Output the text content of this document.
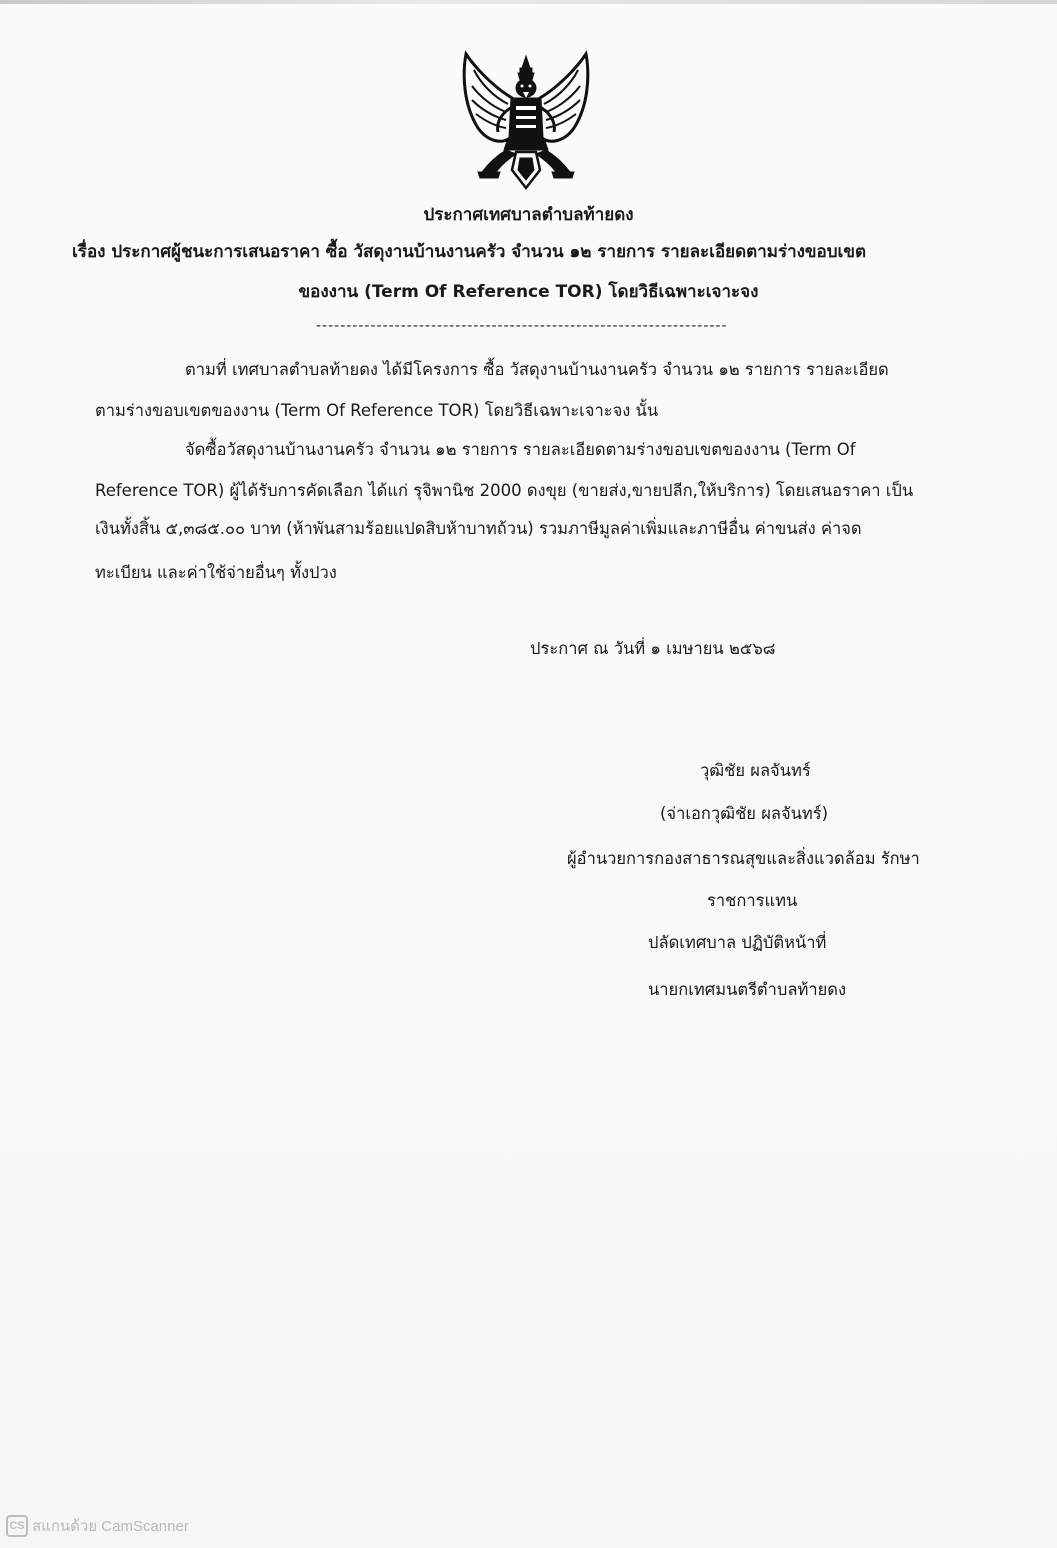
ประกาศเทศบาลตำบลท้ายดง
เรื่อง ประกาศผู้ชนะการเสนอราคา ซื้อ วัสดุงานบ้านงานครัว จำนวน ๑๒ รายการ รายละเอียดตามร่างขอบเขต
ของงาน (Term Of Reference TOR) โดยวิธีเฉพาะเจาะจง
--------------------------------------------------------------------
ตามที่ เทศบาลตำบลท้ายดง ได้มีโครงการ ซื้อ วัสดุงานบ้านงานครัว จำนวน ๑๒ รายการ รายละเอียด
ตามร่างขอบเขตของงาน (Term Of Reference TOR) โดยวิธีเฉพาะเจาะจง นั้น
จัดซื้อวัสดุงานบ้านงานครัว จำนวน ๑๒ รายการ รายละเอียดตามร่างขอบเขตของงาน (Term Of
Reference TOR) ผู้ได้รับการคัดเลือก ได้แก่ รุจิพานิช 2000 ดงขุย (ขายส่ง,ขายปลีก,ให้บริการ) โดยเสนอราคา เป็น
เงินทั้งสิ้น ๕,๓๘๕.๐๐ บาท (ห้าพันสามร้อยแปดสิบห้าบาทถ้วน) รวมภาษีมูลค่าเพิ่มและภาษีอื่น ค่าขนส่ง ค่าจด
ทะเบียน และค่าใช้จ่ายอื่นๆ ทั้งปวง
ประกาศ ณ วันที่ ๑ เมษายน ๒๕๖๘
วุฒิชัย ผลจันทร์
(จ่าเอกวุฒิชัย ผลจันทร์)
ผู้อำนวยการกองสาธารณสุขและสิ่งแวดล้อม รักษา
ราชการแทน
ปลัดเทศบาล ปฏิบัติหน้าที่
นายกเทศมนตรีตำบลท้ายดง
CS สแกนด้วย CamScanner
